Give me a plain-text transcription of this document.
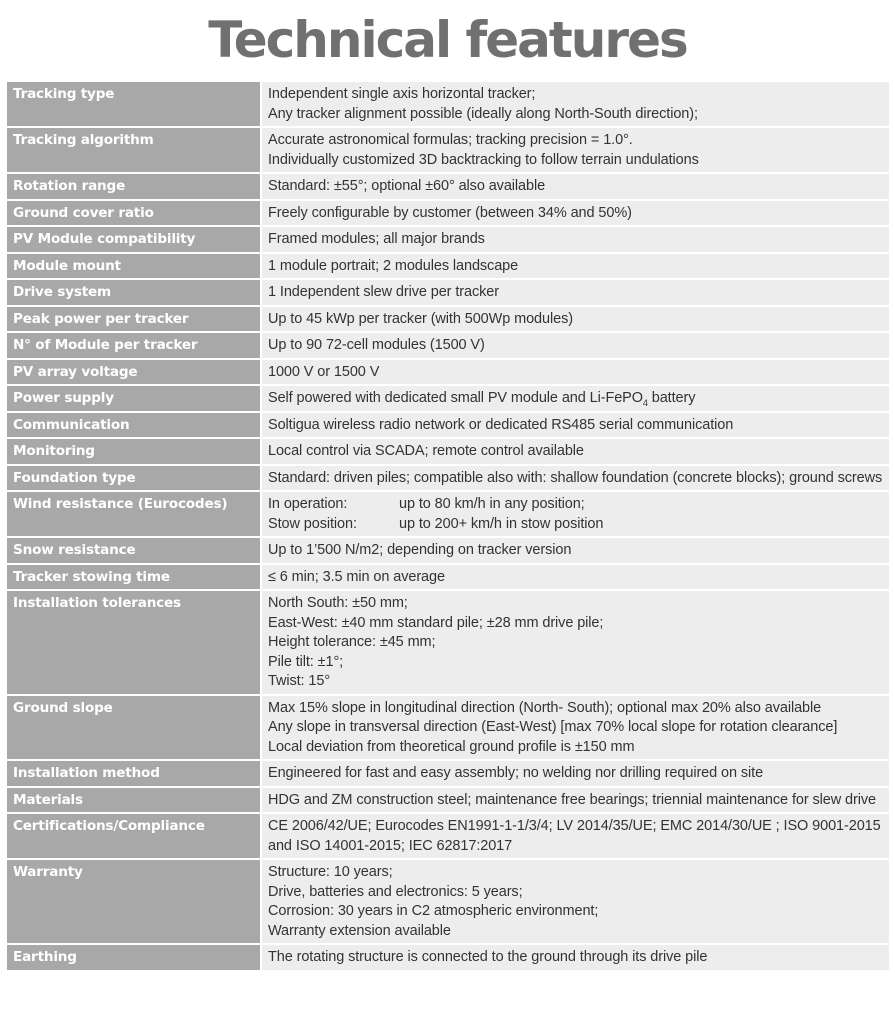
Technical features
Tracking type	Independent single axis horizontal tracker;
Any tracker alignment possible (ideally along North-South direction);

Tracking algorithm	Accurate astronomical formulas; tracking precision = 1.0°.
Individually customized 3D backtracking to follow terrain undulations

Rotation range	Standard: ±55°; optional ±60° also available

Ground cover ratio	Freely configurable by customer (between 34% and 50%)

PV Module compatibility	Framed modules; all major brands

Module mount	1 module portrait; 2 modules landscape

Drive system	1 Independent slew drive per tracker

Peak power per tracker	Up to 45 kWp per tracker (with 500Wp modules)

N° of Module per tracker	Up to 90 72-cell modules (1500 V)

PV array voltage	1000 V or 1500 V

Power supply	Self powered with dedicated small PV module and Li-FePO$_4$ battery

Communication	Soltigua wireless radio network or dedicated RS485 serial communication

Monitoring	Local control via SCADA; remote control available

Foundation type	Standard: driven piles; compatible also with: shallow foundation (concrete blocks); ground screws

Wind resistance (Eurocodes)	In operation: up to 80 km/h in any position;
Stow position: up to 200+ km/h in stow position

Snow resistance	Up to 1’500 N/m2; depending on tracker version

Tracker stowing time	≤ 6 min; 3.5 min on average

Installation tolerances	North South: ±50 mm;
East-West: ±40 mm standard pile; ±28 mm drive pile;
Height tolerance: ±45 mm;
Pile tilt: ±1°;
Twist: 15°

Ground slope	Max 15% slope in longitudinal direction (North- South); optional max 20% also available
Any slope in transversal direction (East-West) [max 70% local slope for rotation clearance]
Local deviation from theoretical ground profile is ±150 mm

Installation method	Engineered for fast and easy assembly; no welding nor drilling required on site

Materials	HDG and ZM construction steel; maintenance free bearings; triennial maintenance for slew drive

Certifications/Compliance	CE 2006/42/UE; Eurocodes EN1991-1-1/3/4; LV 2014/35/UE; EMC 2014/30/UE ; ISO 9001-2015 and ISO 14001-2015; IEC 62817:2017

Warranty	Structure: 10 years;
Drive, batteries and electronics: 5 years;
Corrosion: 30 years in C2 atmospheric environment;
Warranty extension available

Earthing	The rotating structure is connected to the ground through its drive pile
